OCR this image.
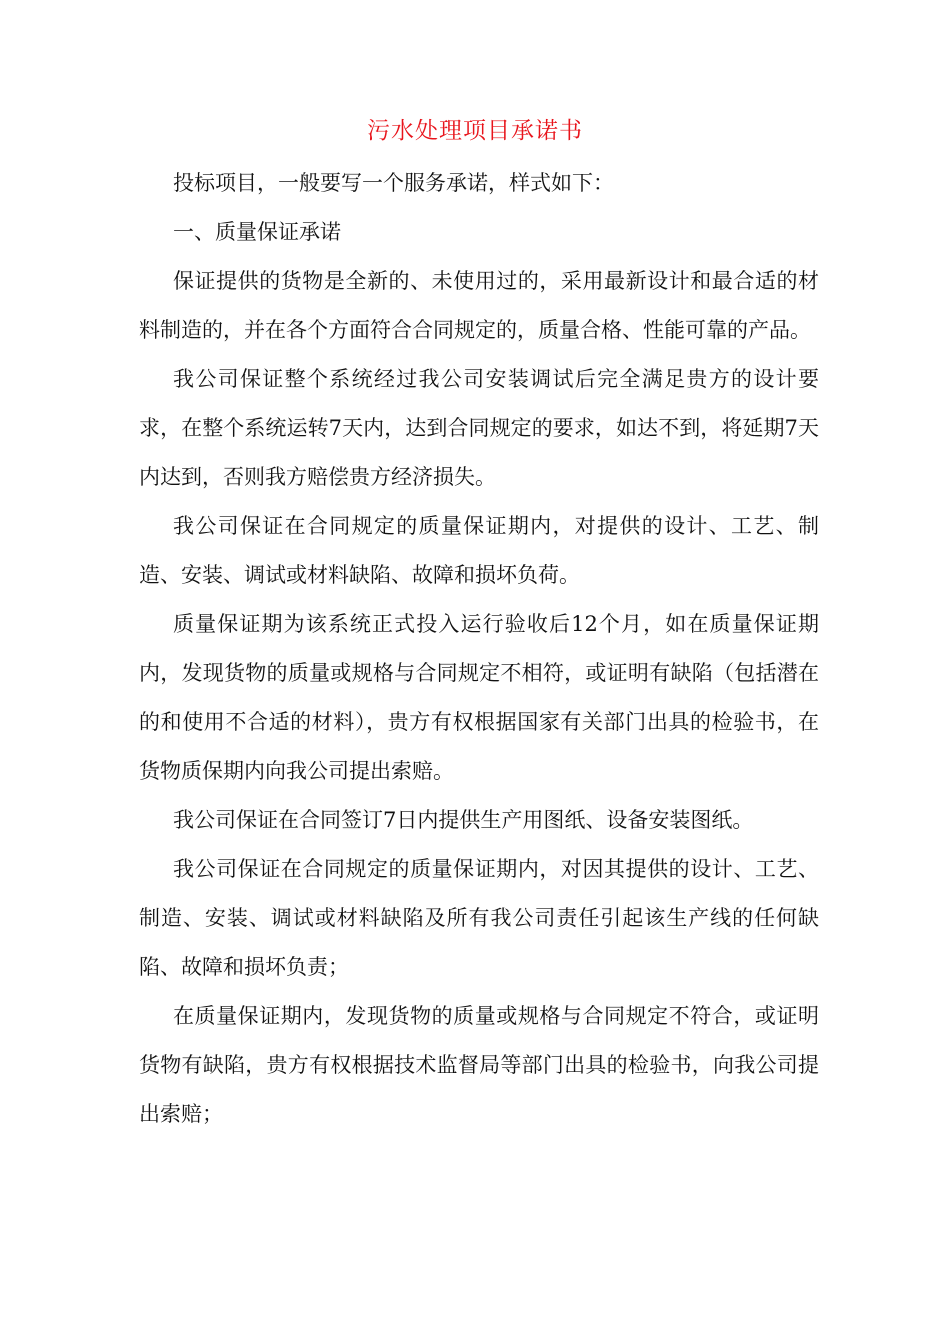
污水处理项目承诺书

投标项目，一般要写一个服务承诺，样式如下：

一、质量保证承诺

保证提供的货物是全新的、未使用过的，采用最新设计和最合适的材料制造的，并在各个方面符合合同规定的，质量合格、性能可靠的产品。

我公司保证整个系统经过我公司安装调试后完全满足贵方的设计要求，在整个系统运转7天内，达到合同规定的要求，如达不到，将延期7天内达到，否则我方赔偿贵方经济损失。

我公司保证在合同规定的质量保证期内，对提供的设计、工艺、制造、安装、调试或材料缺陷、故障和损坏负荷。

质量保证期为该系统正式投入运行验收后12个月，如在质量保证期内，发现货物的质量或规格与合同规定不相符，或证明有缺陷（包括潜在的和使用不合适的材料），贵方有权根据国家有关部门出具的检验书，在货物质保期内向我公司提出索赔。

我公司保证在合同签订7日内提供生产用图纸、设备安装图纸。

我公司保证在合同规定的质量保证期内，对因其提供的设计、工艺、制造、安装、调试或材料缺陷及所有我公司责任引起该生产线的任何缺陷、故障和损坏负责；

在质量保证期内，发现货物的质量或规格与合同规定不符合，或证明货物有缺陷，贵方有权根据技术监督局等部门出具的检验书，向我公司提出索赔；
